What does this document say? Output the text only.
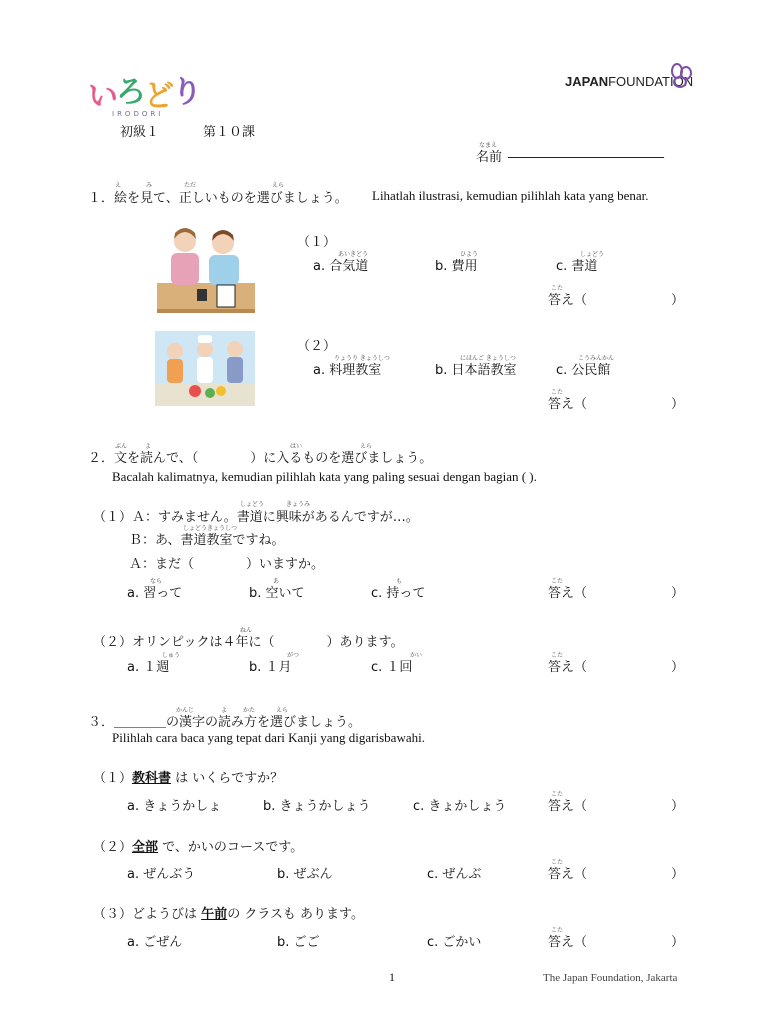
い
ろ
ど
り
IRODORI
JAPANFOUNDATION
初級１	第１０課
なまえ
名前 ________________________
え	み	ただ	えら
１．絵を見て、正しいものを選びましょう。 Lihatlah ilustrasi, kemudian pilihlah kata yang benar.
（１）
あいきどう	ひよう	しょどう
a. 合気道	b. 費用	c. 書道
こた
答え（	）
（２）
りょうり きょうしつ	にほんご きょうしつ	こうみんかん
a. 料理教室	b. 日本語教室	c. 公民館
こた
答え（	）
ぶん	よ	はい	えら
２．文を読んで、（　　　　）に入るものを選びましょう。
Bacalah kalimatnya, kemudian pilihlah kata yang paling sesuai dengan bagian ( ).
しょどう	きょうみ
（１）Ａ：すみません。書道に興味があるんですが…。
しょどうきょうしつ
Ｂ：あ、書道教室ですね。
Ａ：まだ（　　　　）いますか。
なら	あ	も
a. 習って	b. 空いて	c. 持って
こた
答え（	）
ねん
（２）オリンピックは４年に（　　　　）あります。
しゅう	がつ	かい
a. １週	b. １月	c. １回
こた
答え（	）
かんじ	よ	かた	えら
３．＿＿＿＿の漢字の読み方を選びましょう。
Pilihlah cara baca yang tepat dari Kanji yang digarisbawahi.
（１）教科書 は いくらですか？
a. きょうかしょ	b. きょうかしょう	c. きょかしょう
こた
答え（	）
（２）全部 で、かいのコースです。
a. ぜんぶう	b. ぜぶん	c. ぜんぶ
こた
答え（	）
（３）どようびは 午前の クラスも あります。
a. ごぜん	b. ごご	c. ごかい
こた
答え（	）
1	The Japan Foundation, Jakarta
